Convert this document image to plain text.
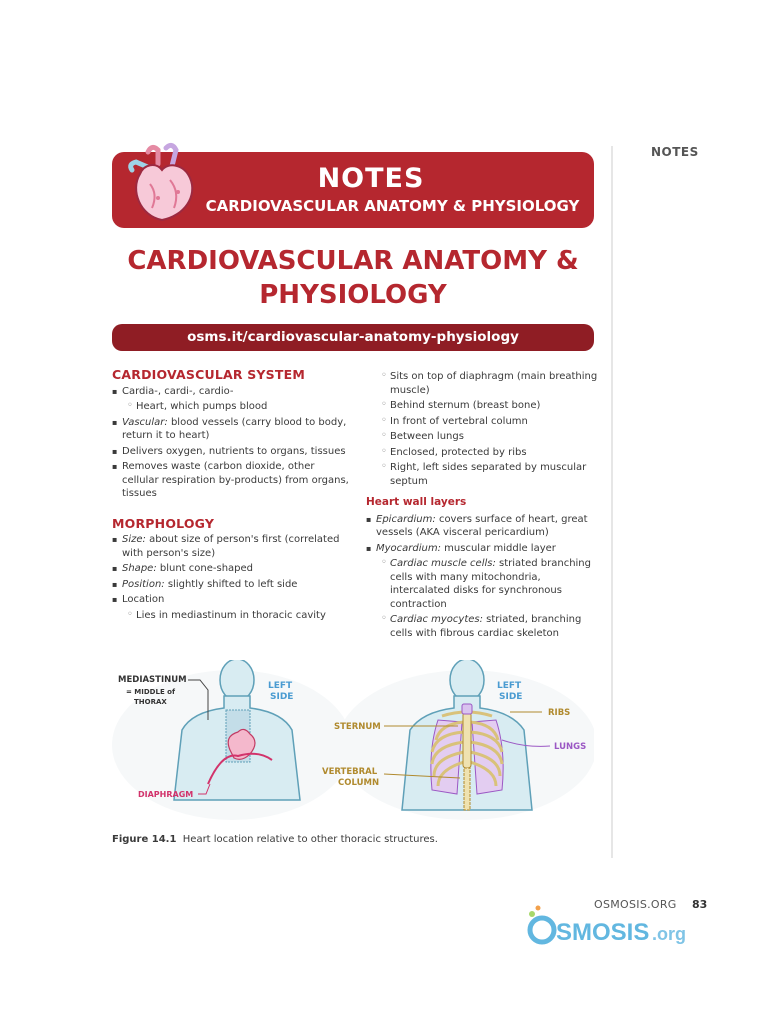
NOTES
NOTES
CARDIOVASCULAR ANATOMY & PHYSIOLOGY
CARDIOVASCULAR ANATOMY &
PHYSIOLOGY
osms.it/cardiovascular-anatomy-physiology
CARDIOVASCULAR SYSTEM
▪ Cardia-, cardi-, cardio-
◦ Heart, which pumps blood
▪ Vascular: blood vessels (carry blood to body, return it to heart)
▪ Delivers oxygen, nutrients to organs, tissues
▪ Removes waste (carbon dioxide, other cellular respiration by-products) from organs, tissues
MORPHOLOGY
▪ Size: about size of person's first (correlated with person's size)
▪ Shape: blunt cone-shaped
▪ Position: slightly shifted to left side
▪ Location
◦ Lies in mediastinum in thoracic cavity
◦ Sits on top of diaphragm (main breathing muscle)
◦ Behind sternum (breast bone)
◦ In front of vertebral column
◦ Between lungs
◦ Enclosed, protected by ribs
◦ Right, left sides separated by muscular septum
Heart wall layers
▪ Epicardium: covers surface of heart, great vessels (AKA visceral pericardium)
▪ Myocardium: muscular middle layer
◦ Cardiac muscle cells: striated branching cells with many mitochondria, intercalated disks for synchronous contraction
◦ Cardiac myocytes: striated, branching cells with fibrous cardiac skeleton
MEDIASTINUM
= MIDDLE of
THORAX
LEFT
SIDE
DIAPHRAGM
LEFT
SIDE
RIBS
STERNUM
LUNGS
VERTEBRAL
COLUMN
Figure 14.1 Heart location relative to other thoracic structures.
OSMOSIS.ORG 83
SMOSIS .org
